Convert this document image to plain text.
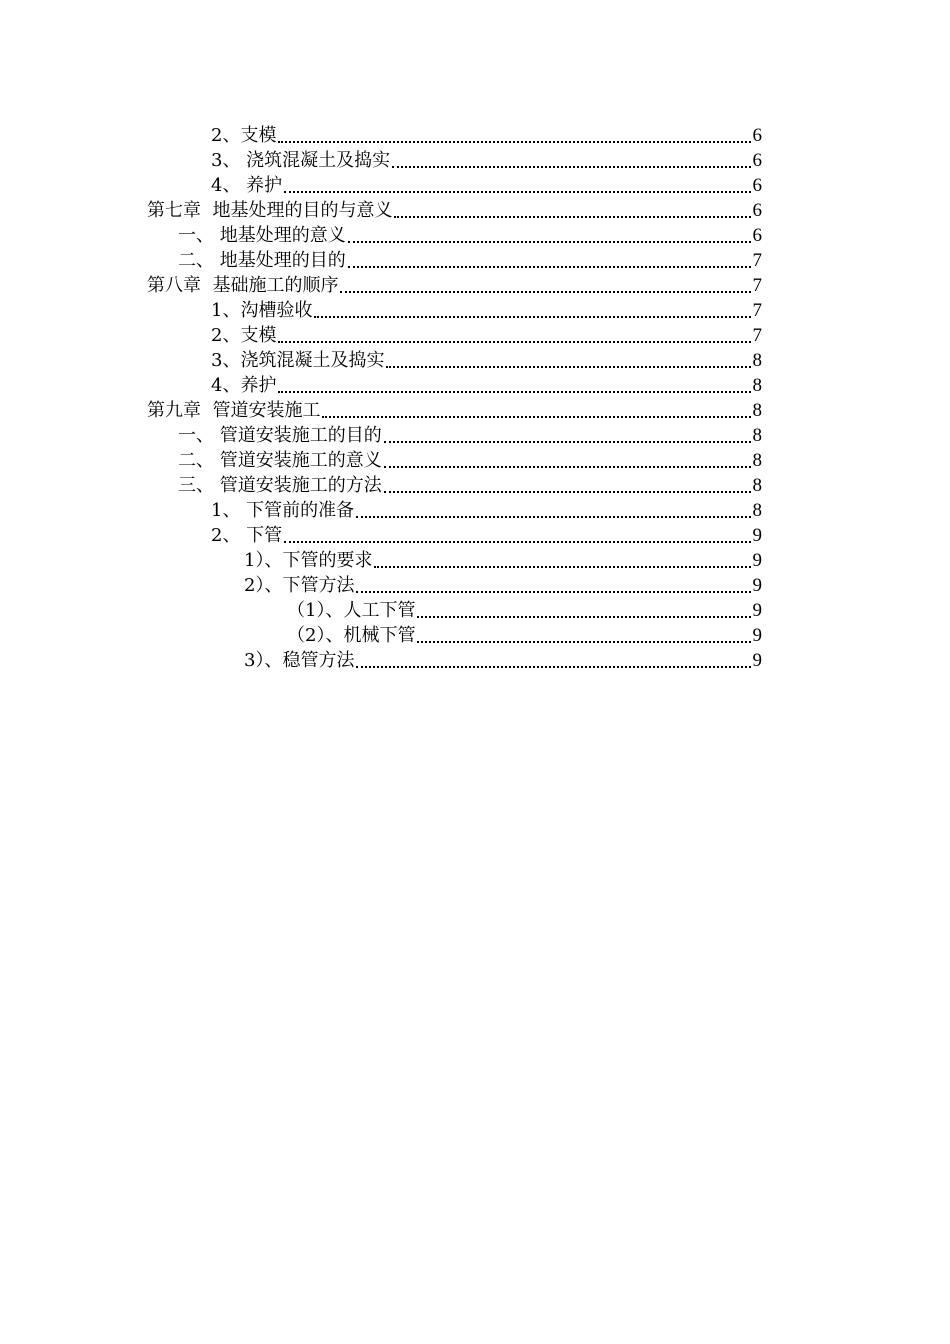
2、支模	6
3、 浇筑混凝土及捣实	6
4、 养护	6
第七章  地基处理的目的与意义	6
一、 地基处理的意义	6
二、 地基处理的目的	7
第八章  基础施工的顺序	7
1、沟槽验收	7
2、支模	7
3、浇筑混凝土及捣实	8
4、养护	8
第九章  管道安装施工	8
一、 管道安装施工的目的	8
二、 管道安装施工的意义	8
三、 管道安装施工的方法	8
1、 下管前的准备	8
2、 下管	9
1）、下管的要求	9
2）、下管方法	9
（1）、人工下管	9
（2）、机械下管	9
3）、稳管方法	9
